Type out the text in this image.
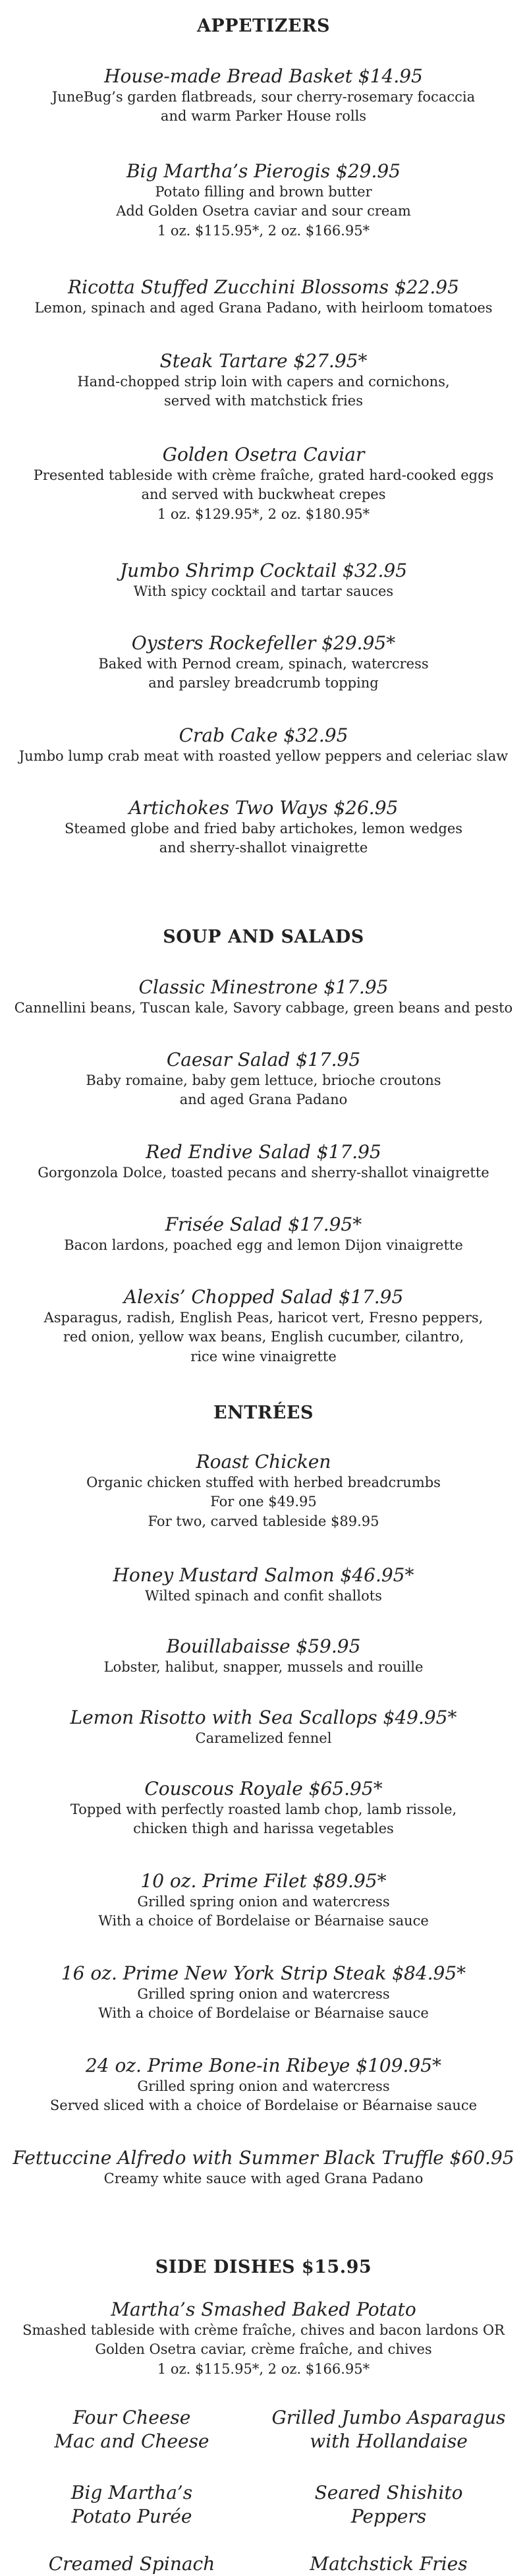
APPETIZERS

House-made Bread Basket $14.95

JuneBug’s garden flatbreads, sour cherry-rosemary focaccia

and warm Parker House rolls

Big Martha’s Pierogis $29.95

Potato filling and brown butter

Add Golden Osetra caviar and sour cream

1 oz. $115.95*, 2 oz. $166.95*

Ricotta Stuffed Zucchini Blossoms $22.95

Lemon, spinach and aged Grana Padano, with heirloom tomatoes

Steak Tartare $27.95*

Hand-chopped strip loin with capers and cornichons,

served with matchstick fries

Golden Osetra Caviar

Presented tableside with crème fraîche, grated hard-cooked eggs

and served with buckwheat crepes

1 oz. $129.95*, 2 oz. $180.95*

Jumbo Shrimp Cocktail $32.95

With spicy cocktail and tartar sauces

Oysters Rockefeller $29.95*

Baked with Pernod cream, spinach, watercress

and parsley breadcrumb topping

Crab Cake $32.95

Jumbo lump crab meat with roasted yellow peppers and celeriac slaw

Artichokes Two Ways $26.95

Steamed globe and fried baby artichokes, lemon wedges

and sherry-shallot vinaigrette

SOUP AND SALADS

Classic Minestrone $17.95

Cannellini beans, Tuscan kale, Savory cabbage, green beans and pesto

Caesar Salad $17.95

Baby romaine, baby gem lettuce, brioche croutons

and aged Grana Padano

Red Endive Salad $17.95

Gorgonzola Dolce, toasted pecans and sherry-shallot vinaigrette

Frisée Salad $17.95*

Bacon lardons, poached egg and lemon Dijon vinaigrette

Alexis’ Chopped Salad $17.95

Asparagus, radish, English Peas, haricot vert, Fresno peppers,

red onion, yellow wax beans, English cucumber, cilantro,

rice wine vinaigrette

ENTRÉES

Roast Chicken

Organic chicken stuffed with herbed breadcrumbs

For one $49.95

For two, carved tableside $89.95

Honey Mustard Salmon $46.95*

Wilted spinach and confit shallots

Bouillabaisse $59.95

Lobster, halibut, snapper, mussels and rouille

Lemon Risotto with Sea Scallops $49.95*

Caramelized fennel

Couscous Royale $65.95*

Topped with perfectly roasted lamb chop, lamb rissole,

chicken thigh and harissa vegetables

10 oz. Prime Filet $89.95*

Grilled spring onion and watercress

With a choice of Bordelaise or Béarnaise sauce

16 oz. Prime New York Strip Steak $84.95*

Grilled spring onion and watercress

With a choice of Bordelaise or Béarnaise sauce

24 oz. Prime Bone-in Ribeye $109.95*

Grilled spring onion and watercress

Served sliced with a choice of Bordelaise or Béarnaise sauce

Fettuccine Alfredo with Summer Black Truffle $60.95

Creamy white sauce with aged Grana Padano

SIDE DISHES $15.95

Martha’s Smashed Baked Potato

Smashed tableside with crème fraîche, chives and bacon lardons OR

Golden Osetra caviar, crème fraîche, and chives

1 oz. $115.95*, 2 oz. $166.95*

Four Cheese
Mac and Cheese
Grilled Jumbo Asparagus
with Hollandaise
Big Martha’s
Potato Purée
Seared Shishito
Peppers
Creamed Spinach	Matchstick Fries
